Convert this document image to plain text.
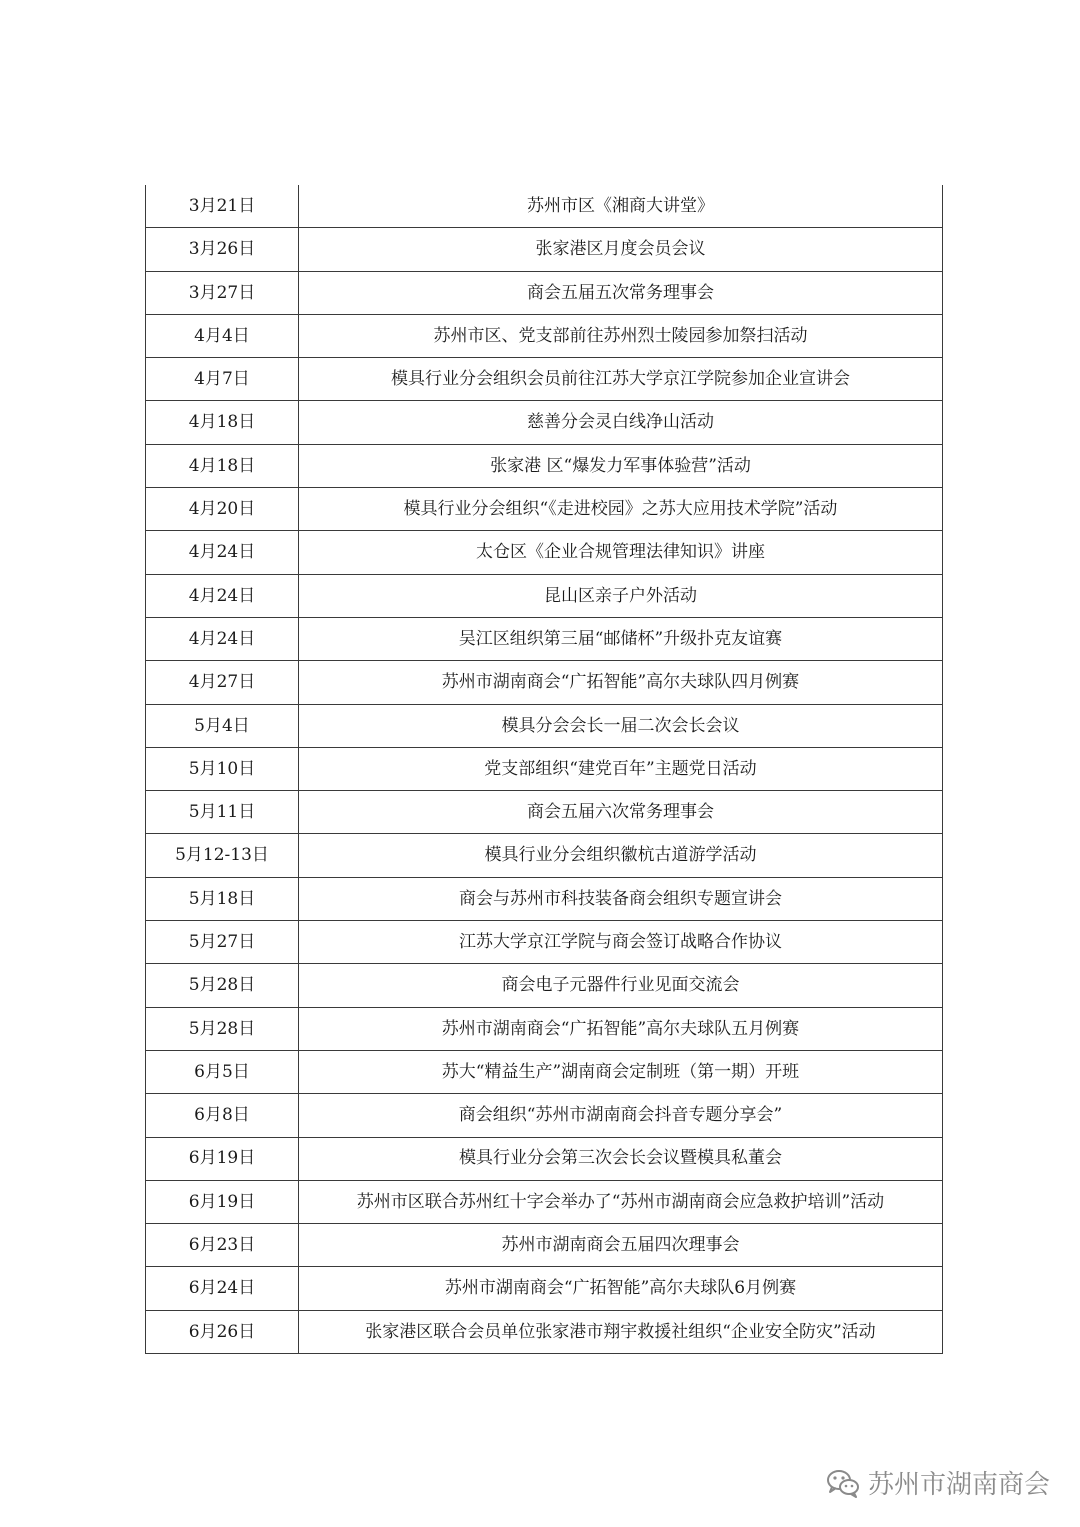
3月21日	苏州市区《湘商大讲堂》
3月26日	张家港区月度会员会议
3月27日	商会五届五次常务理事会
4月4日	苏州市区、党支部前往苏州烈士陵园参加祭扫活动
4月7日	模具行业分会组织会员前往江苏大学京江学院参加企业宣讲会
4月18日	慈善分会灵白线净山活动
4月18日	张家港 区“爆发力军事体验营”活动
4月20日	模具行业分会组织“《走进校园》之苏大应用技术学院”活动
4月24日	太仓区《企业合规管理法律知识》讲座
4月24日	昆山区亲子户外活动
4月24日	吴江区组织第三届“邮储杯”升级扑克友谊赛
4月27日	苏州市湖南商会“广拓智能”高尔夫球队四月例赛
5月4日	模具分会会长一届二次会长会议
5月10日	党支部组织“建党百年”主题党日活动
5月11日	商会五届六次常务理事会
5月12-13日	模具行业分会组织徽杭古道游学活动
5月18日	商会与苏州市科技装备商会组织专题宣讲会
5月27日	江苏大学京江学院与商会签订战略合作协议
5月28日	商会电子元器件行业见面交流会
5月28日	苏州市湖南商会“广拓智能”高尔夫球队五月例赛
6月5日	苏大“精益生产”湖南商会定制班（第一期）开班
6月8日	商会组织“苏州市湖南商会抖音专题分享会”
6月19日	模具行业分会第三次会长会议暨模具私董会
6月19日	苏州市区联合苏州红十字会举办了“苏州市湖南商会应急救护培训”活动
6月23日	苏州市湖南商会五届四次理事会
6月24日	苏州市湖南商会“广拓智能”高尔夫球队6月例赛
6月26日	张家港区联合会员单位张家港市翔宇救援社组织“企业安全防灾”活动
苏州市湖南商会
